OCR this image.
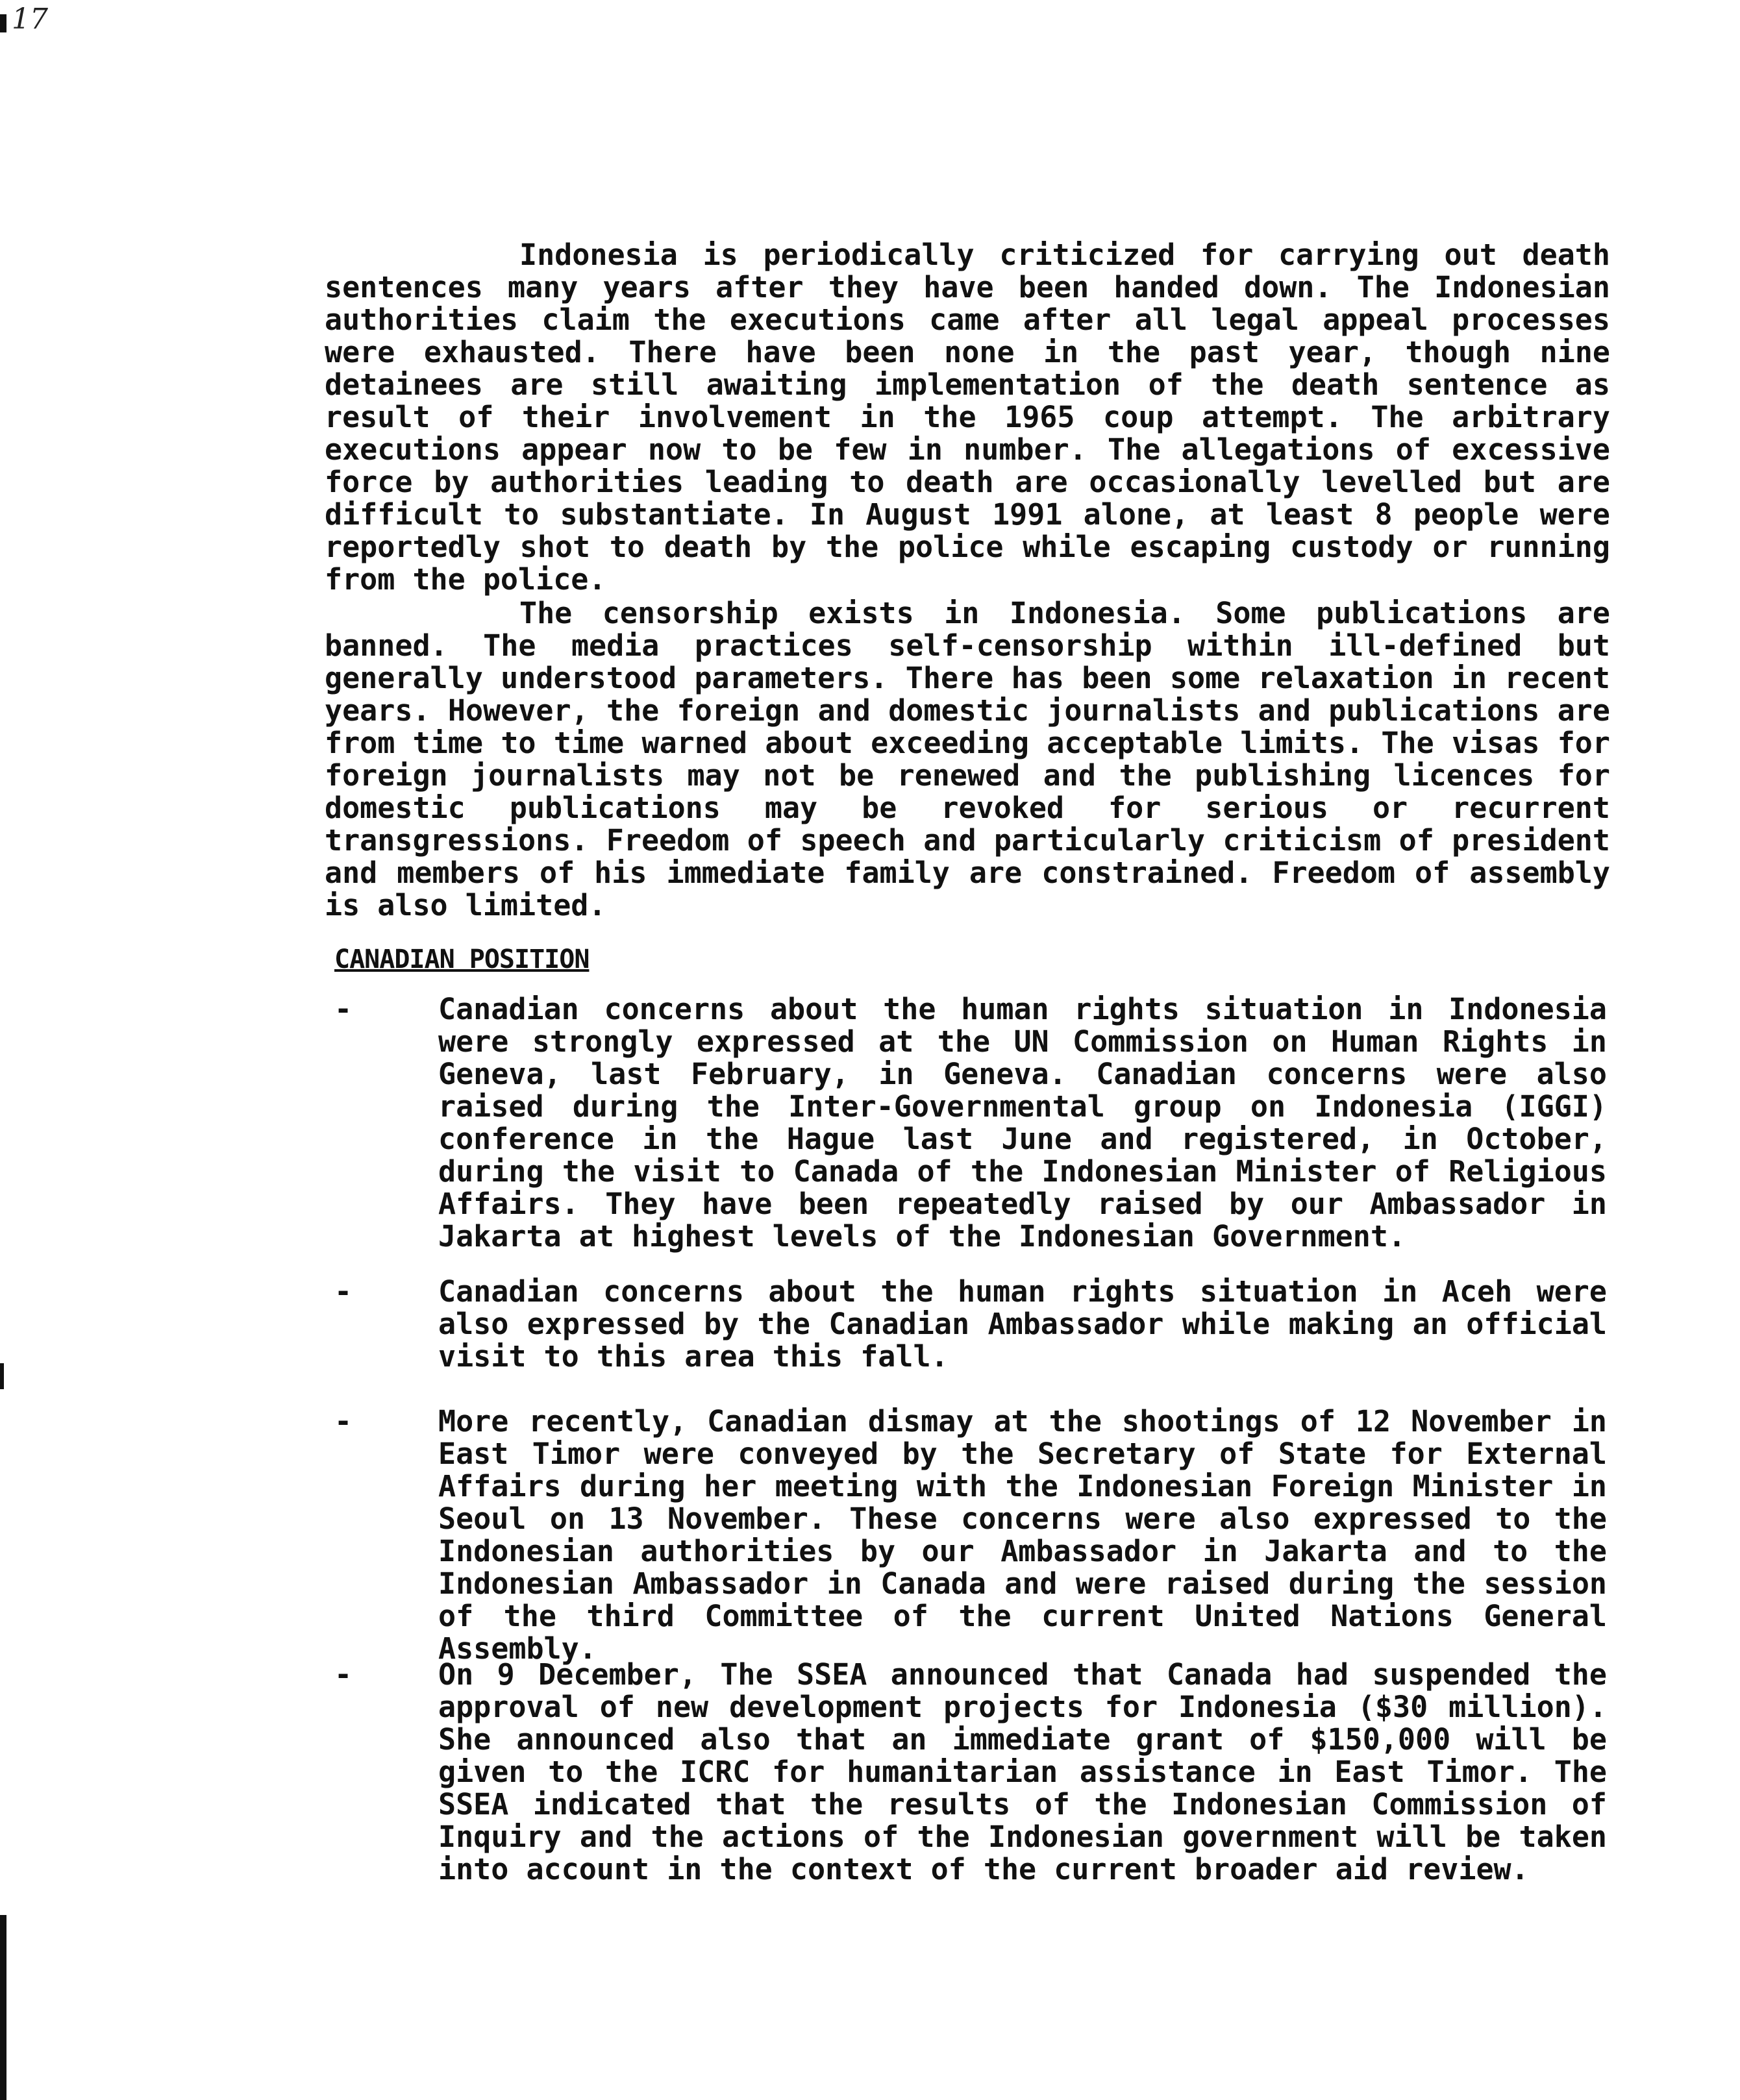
17

Indonesia is periodically criticized for carrying out death sentences many years after they have been handed down. The Indonesian authorities claim the executions came after all legal appeal processes were exhausted. There have been none in the past year, though nine detainees are still awaiting implementation of the death sentence as result of their involvement in the 1965 coup attempt. The arbitrary executions appear now to be few in number. The allegations of excessive force by authorities leading to death are occasionally levelled but are difficult to substantiate. In August 1991 alone, at least 8 people were reportedly shot to death by the police while escaping custody or running from the police.

The censorship exists in Indonesia. Some publications are banned. The media practices self-censorship within ill-defined but generally understood parameters. There has been some relaxation in recent years. However, the foreign and domestic journalists and publications are from time to time warned about exceeding acceptable limits. The visas for foreign journalists may not be renewed and the publishing licences for domestic publications may be revoked for serious or recurrent transgressions. Freedom of speech and particularly criticism of president and members of his immediate family are constrained. Freedom of assembly is also limited.

CANADIAN POSITION
-	Canadian concerns about the human rights situation in Indonesia were strongly expressed at the UN Commission on Human Rights in Geneva, last February, in Geneva. Canadian concerns were also raised during the Inter-Governmental group on Indonesia (IGGI) conference in the Hague last June and registered, in October, during the visit to Canada of the Indonesian Minister of Religious Affairs. They have been repeatedly raised by our Ambassador in Jakarta at highest levels of the Indonesian Government.

-	Canadian concerns about the human rights situation in Aceh were also expressed by the Canadian Ambassador while making an official visit to this area this fall.

-	More recently, Canadian dismay at the shootings of 12 November in East Timor were conveyed by the Secretary of State for External Affairs during her meeting with the Indonesian Foreign Minister in Seoul on 13 November. These concerns were also expressed to the Indonesian authorities by our Ambassador in Jakarta and to the Indonesian Ambassador in Canada and were raised during the session of the third Committee of the current United Nations General Assembly.

-	On 9 December, The SSEA announced that Canada had suspended the approval of new development projects for Indonesia ($30 million). She announced also that an immediate grant of $150,000 will be given to the ICRC for humanitarian assistance in East Timor. The SSEA indicated that the results of the Indonesian Commission of Inquiry and the actions of the Indonesian government will be taken into account in the context of the current broader aid review.
